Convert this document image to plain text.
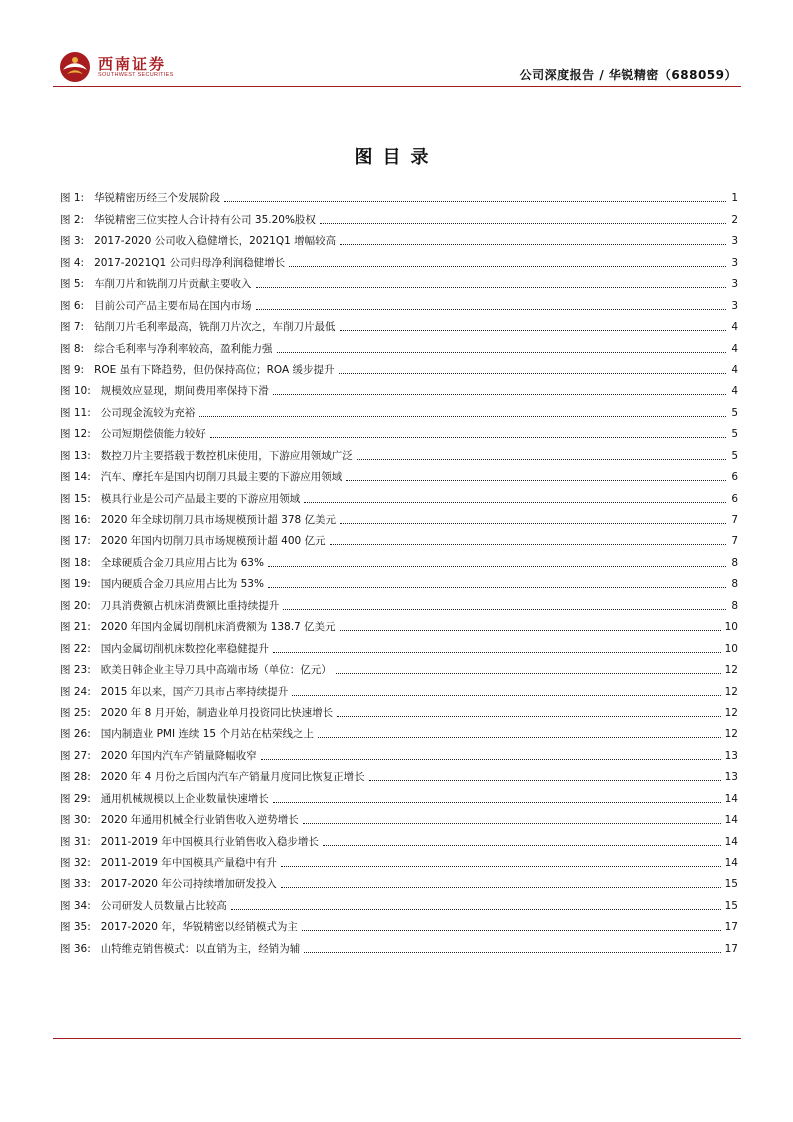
西南证券
SOUTHWEST SECURITIES	公司深度报告 / 华锐精密（688059）
图目录
图 1: 华锐精密历经三个发展阶段	1
图 2: 华锐精密三位实控人合计持有公司 35.20%股权	2
图 3: 2017-2020 公司收入稳健增长，2021Q1 增幅较高	3
图 4: 2017-2021Q1 公司归母净利润稳健增长	3
图 5: 车削刀片和铣削刀片贡献主要收入	3
图 6: 目前公司产品主要布局在国内市场	3
图 7: 钻削刀片毛利率最高，铣削刀片次之，车削刀片最低	4
图 8: 综合毛利率与净利率较高，盈利能力强	4
图 9: ROE 虽有下降趋势，但仍保持高位；ROA 缓步提升	4
图 10: 规模效应显现，期间费用率保持下滑	4
图 11: 公司现金流较为充裕	5
图 12: 公司短期偿债能力较好	5
图 13: 数控刀片主要搭载于数控机床使用，下游应用领域广泛	5
图 14: 汽车、摩托车是国内切削刀具最主要的下游应用领域	6
图 15: 模具行业是公司产品最主要的下游应用领域	6
图 16: 2020 年全球切削刀具市场规模预计超 378 亿美元	7
图 17: 2020 年国内切削刀具市场规模预计超 400 亿元	7
图 18: 全球硬质合金刀具应用占比为 63%	8
图 19: 国内硬质合金刀具应用占比为 53%	8
图 20: 刀具消费额占机床消费额比重持续提升	8
图 21: 2020 年国内金属切削机床消费额为 138.7 亿美元	10
图 22: 国内金属切削机床数控化率稳健提升	10
图 23: 欧美日韩企业主导刀具中高端市场（单位：亿元）	12
图 24: 2015 年以来，国产刀具市占率持续提升	12
图 25: 2020 年 8 月开始，制造业单月投资同比快速增长	12
图 26: 国内制造业 PMI 连续 15 个月站在枯荣线之上	12
图 27: 2020 年国内汽车产销量降幅收窄	13
图 28: 2020 年 4 月份之后国内汽车产销量月度同比恢复正增长	13
图 29: 通用机械规模以上企业数量快速增长	14
图 30: 2020 年通用机械全行业销售收入逆势增长	14
图 31: 2011-2019 年中国模具行业销售收入稳步增长	14
图 32: 2011-2019 年中国模具产量稳中有升	14
图 33: 2017-2020 年公司持续增加研发投入	15
图 34: 公司研发人员数量占比较高	15
图 35: 2017-2020 年，华锐精密以经销模式为主	17
图 36: 山特维克销售模式：以直销为主，经销为辅	17
